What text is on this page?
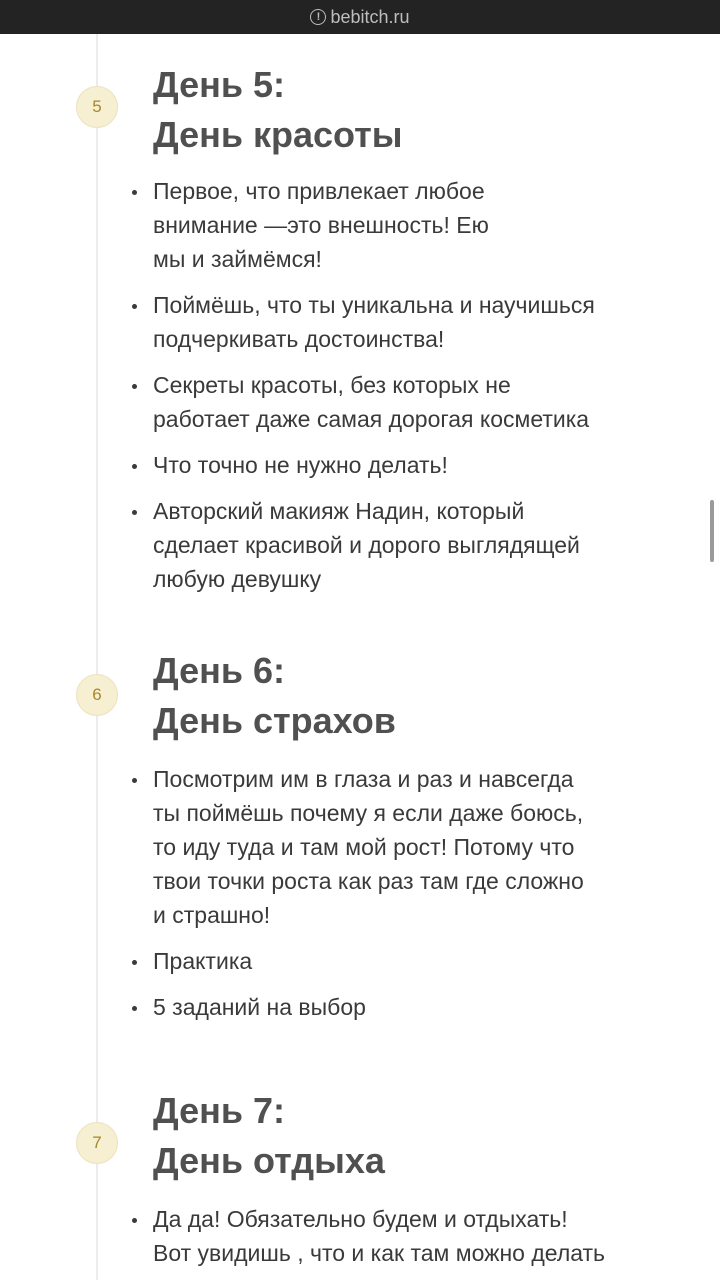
! bebitch.ru
5
День 5:
День красоты
Первое, что привлекает любое
внимание —это внешность! Ею
мы и займёмся!
Поймёшь, что ты уникальна и научишься
подчеркивать достоинства!
Секреты красоты, без которых не
работает даже самая дорогая косметика
Что точно не нужно делать!
Авторский макияж Надин, который
сделает красивой и дорого выглядящей
любую девушку
6
День 6:
День страхов
Посмотрим им в глаза и раз и навсегда
ты поймёшь почему я если даже боюсь,
то иду туда и там мой рост! Потому что
твои точки роста как раз там где сложно
и страшно!
Практика
5 заданий на выбор
7
День 7:
День отдыха
Да да! Обязательно будем и отдыхать!
Вот увидишь , что и как там можно делать
